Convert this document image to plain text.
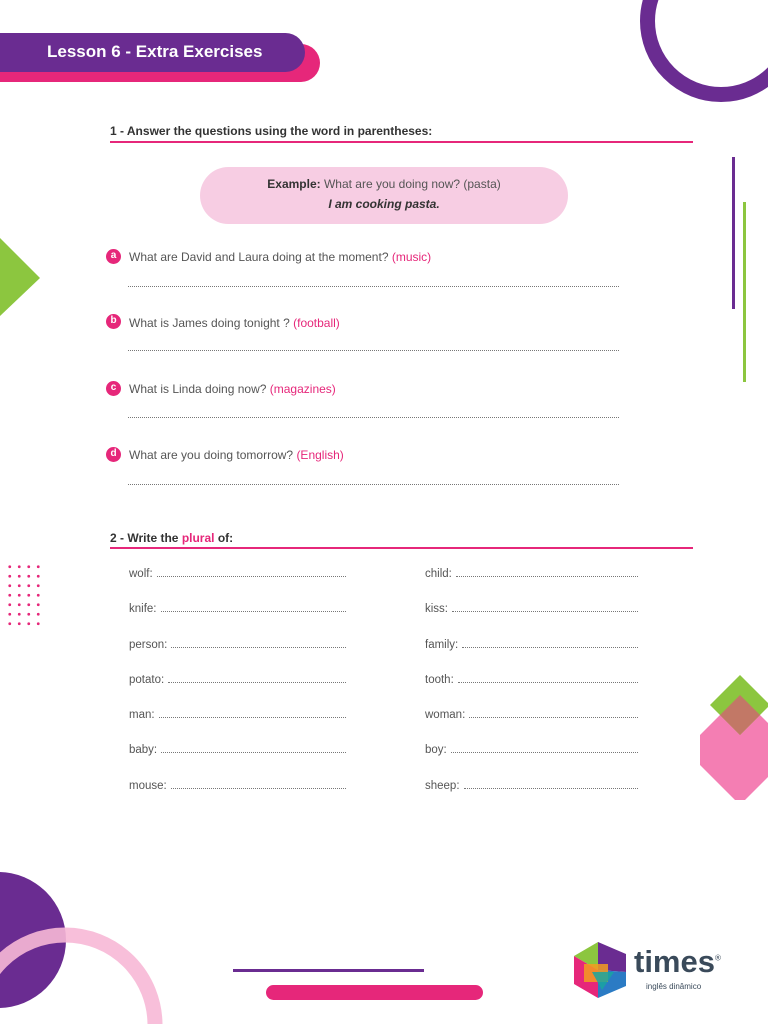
Lesson 6 - Extra Exercises
1 - Answer the questions using the word in parentheses:
Example: What are you doing now? (pasta)
I am cooking pasta.
a	What are David and Laura doing at the moment? (music)
b	What is James doing tonight ? (football)
c	What is Linda doing now? (magazines)
d	What are you doing tomorrow? (English)
2 - Write the plural of:
wolf:
knife:
person:
potato:
man:
baby:
mouse:
child:
kiss:
family:
tooth:
woman:
boy:
sheep:
times®
inglês dinâmico
